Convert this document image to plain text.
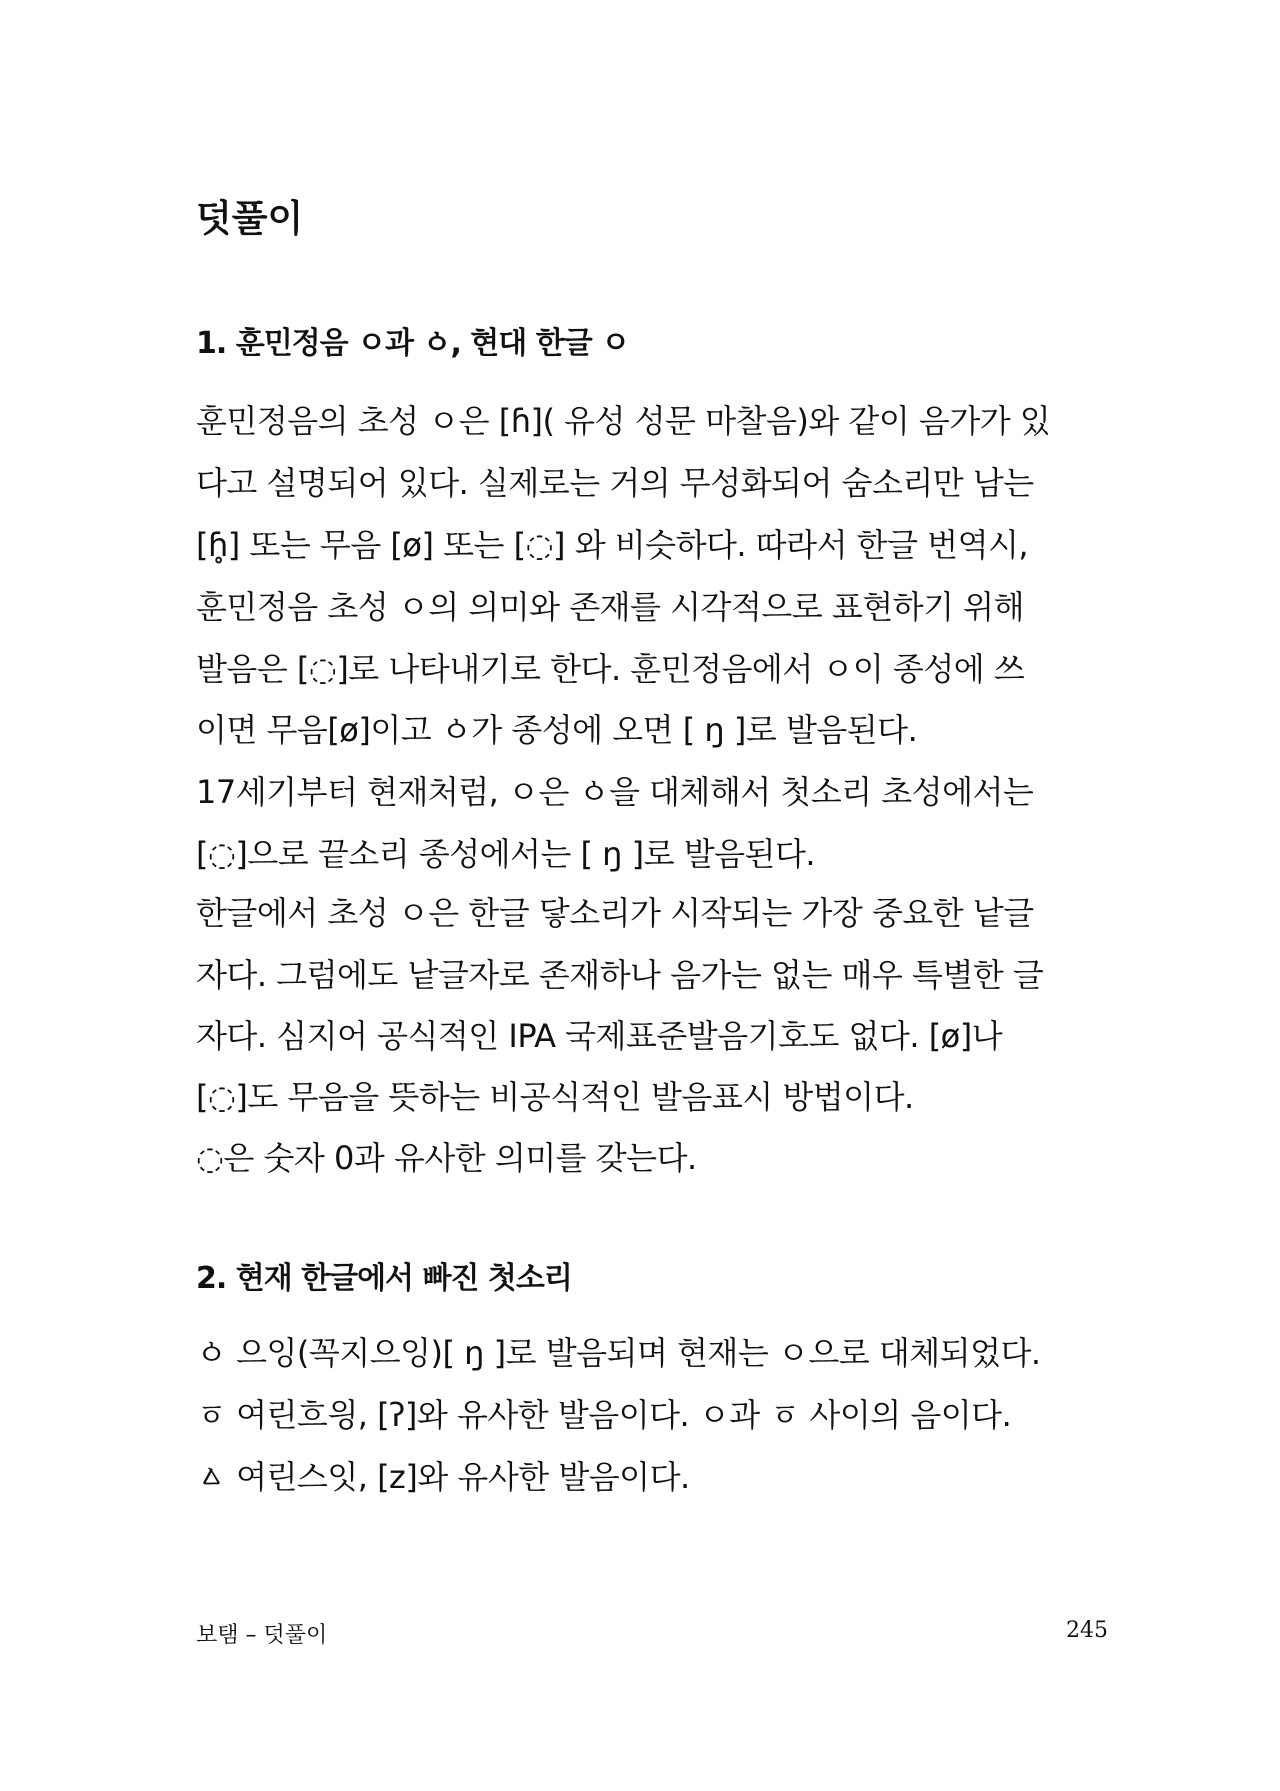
덧풀이
1. 훈민정음 ㅇ과 ㆁ, 현대 한글 ㅇ
훈민정음의 초성 ㅇ은 [ɦ]( 유성 성문 마찰음)와 같이 음가가 있
다고 설명되어 있다. 실제로는 거의 무성화되어 숨소리만 남는
[ɦ̥] 또는 무음 [ø] 또는 [◌] 와 비슷하다. 따라서 한글 번역시,
훈민정음 초성 ㅇ의 의미와 존재를 시각적으로 표현하기 위해
발음은 [◌]로 나타내기로 한다. 훈민정음에서 ㅇ이 종성에 쓰
이면 무음[ø]이고 ㆁ가 종성에 오면 [ ŋ ]로 발음된다.
17세기부터 현재처럼, ㅇ은 ㆁ을 대체해서 첫소리 초성에서는
[◌]으로 끝소리 종성에서는 [ ŋ ]로 발음된다.
한글에서 초성 ㅇ은 한글 닿소리가 시작되는 가장 중요한 낱글
자다. 그럼에도 낱글자로 존재하나 음가는 없는 매우 특별한 글
자다. 심지어 공식적인 IPA 국제표준발음기호도 없다. [ø]나
[◌]도 무음을 뜻하는 비공식적인 발음표시 방법이다.
◌은 숫자 0과 유사한 의미를 갖는다.
2. 현재 한글에서 빠진 첫소리
ㆁ 으잉(꼭지으잉)[ ŋ ]로 발음되며 현재는 ㅇ으로 대체되었다.
ㆆ 여린흐읭, [ʔ]와 유사한 발음이다. ㅇ과 ㆆ 사이의 음이다.
ㅿ 여린스잇, [z]와 유사한 발음이다.
보탬 – 덧풀이	245
